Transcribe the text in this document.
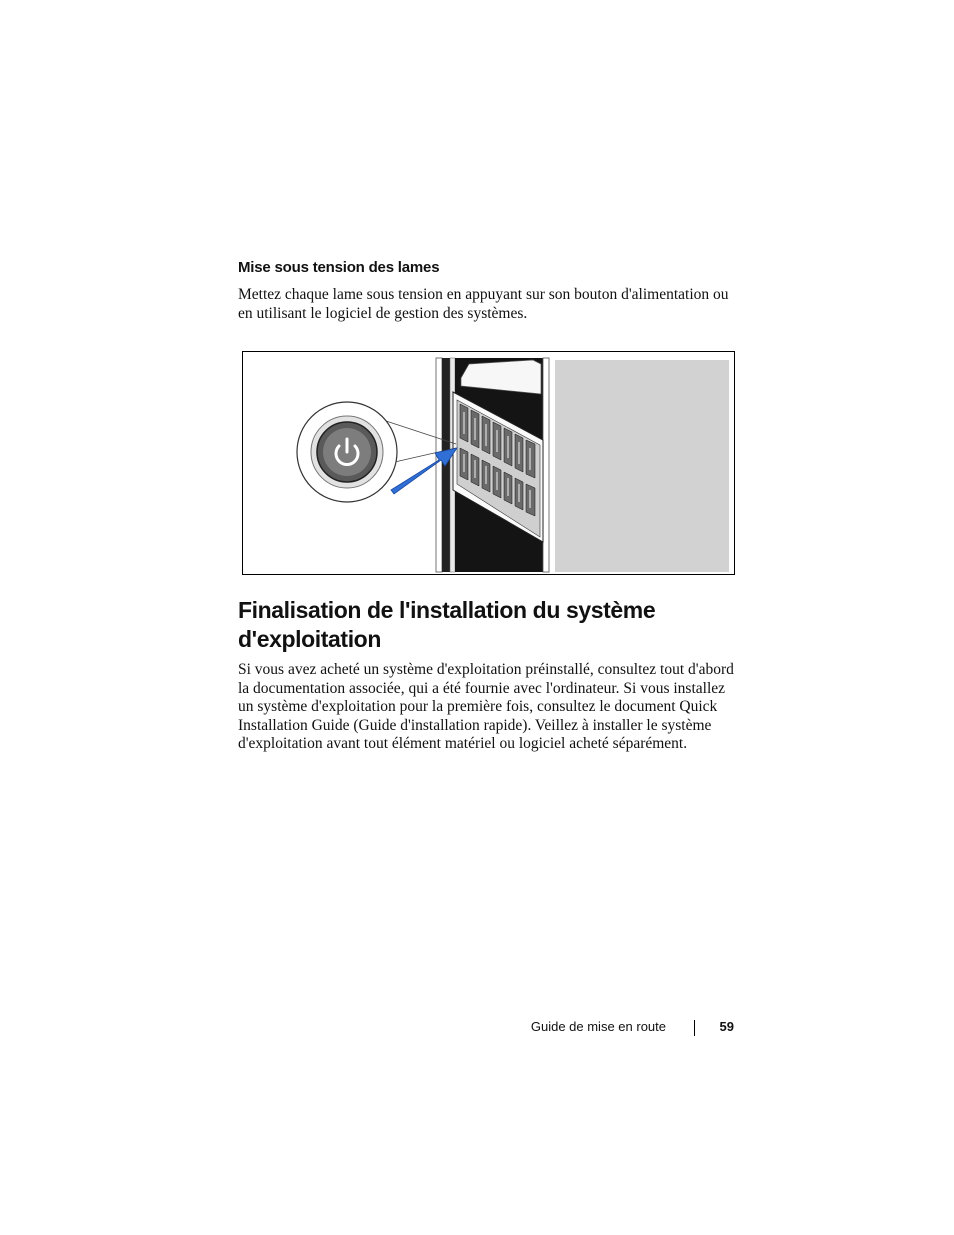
Mise sous tension des lames

Mettez chaque lame sous tension en appuyant sur son bouton d'alimentation ou en utilisant le logiciel de gestion des systèmes.

Finalisation de l'installation du système d'exploitation

Si vous avez acheté un système d'exploitation préinstallé, consultez tout d'abord la documentation associée, qui a été fournie avec l'ordinateur. Si vous installez un système d'exploitation pour la première fois, consultez le document Quick Installation Guide (Guide d'installation rapide). Veillez à installer le système d'exploitation avant tout élément matériel ou logiciel acheté séparément.

Guide de mise en route	59
